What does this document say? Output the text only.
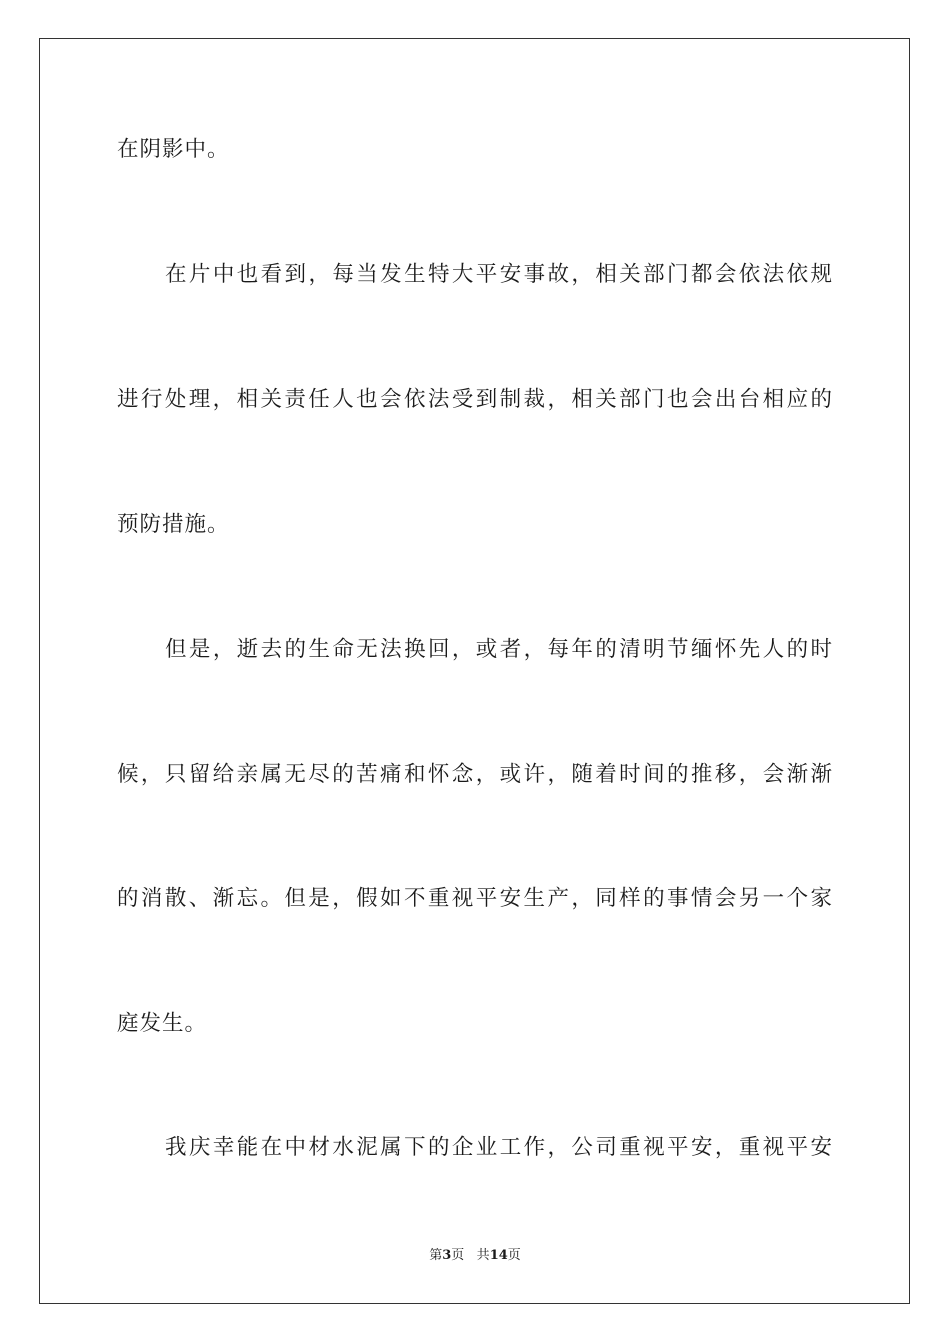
在阴影中。
在片中也看到，每当发生特大平安事故，相关部门都会依法依规
进行处理，相关责任人也会依法受到制裁，相关部门也会出台相应的
预防措施。
但是，逝去的生命无法换回，或者，每年的清明节缅怀先人的时
候，只留给亲属无尽的苦痛和怀念，或许，随着时间的推移，会渐渐
的消散、渐忘。但是，假如不重视平安生产，同样的事情会另一个家
庭发生。
我庆幸能在中材水泥属下的企业工作，公司重视平安，重视平安
第3页 共14页
